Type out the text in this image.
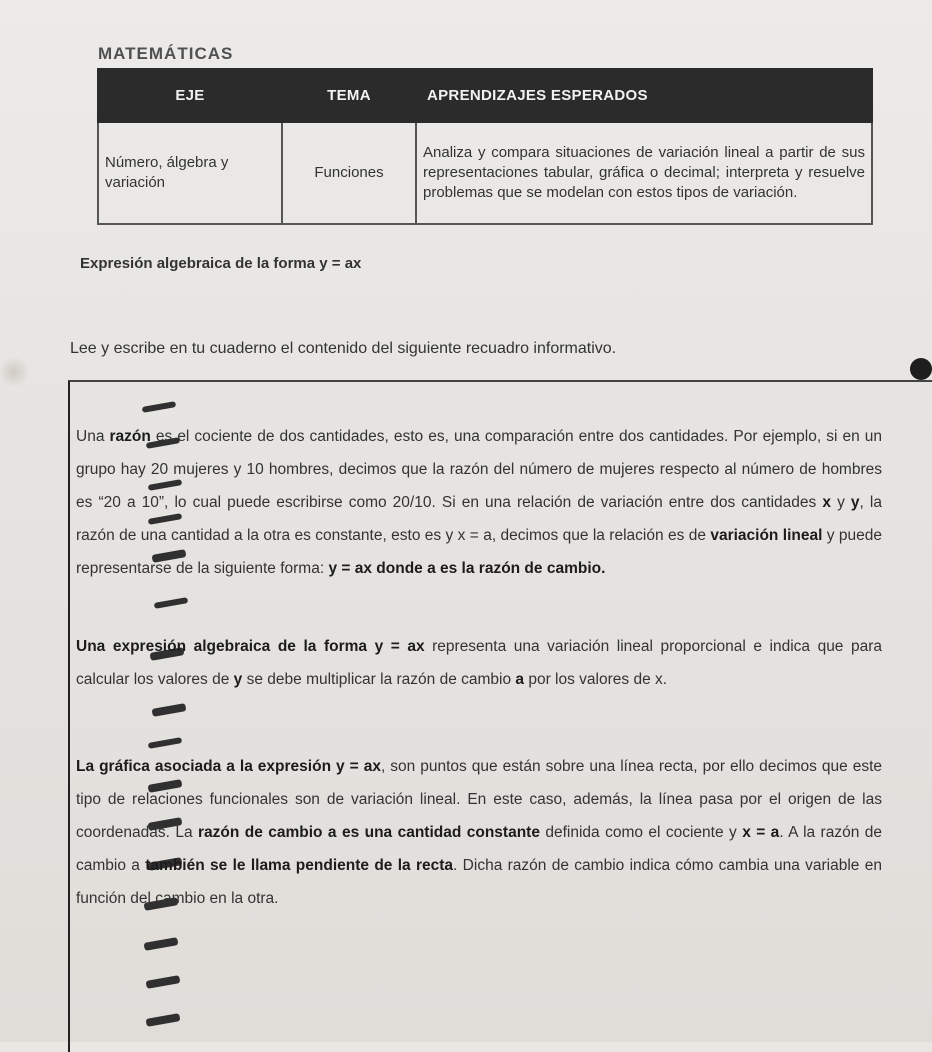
MATEMÁTICAS
EJE	TEMA	APRENDIZAJES ESPERADOS
Número, álgebra y variación	Funciones	Analiza y compara situaciones de variación lineal a partir de sus representaciones tabular, gráfica o decimal; interpreta y resuelve problemas que se modelan con estos tipos de variación.
Expresión algebraica de la forma y = ax
Lee y escribe en tu cuaderno el contenido del siguiente recuadro informativo.
Una razón es el cociente de dos cantidades, esto es, una comparación entre dos cantidades. Por ejemplo, si en un grupo hay 20 mujeres y 10 hombres, decimos que la razón del número de mujeres respecto al número de hombres es “20 a 10”, lo cual puede escribirse como 20/10. Si en una relación de variación entre dos cantidades x y y, la razón de una cantidad a la otra es constante, esto es y x = a, decimos que la relación es de variación lineal y puede representarse de la siguiente forma: y = ax donde a es la razón de cambio.
Una expresión algebraica de la forma y = ax representa una variación lineal proporcional e indica que para calcular los valores de y se debe multiplicar la razón de cambio a por los valores de x.
La gráfica asociada a la expresión y = ax, son puntos que están sobre una línea recta, por ello decimos que este tipo de relaciones funcionales son de variación lineal. En este caso, además, la línea pasa por el origen de las coordenadas. La razón de cambio a es una cantidad constante definida como el cociente y x = a. A la razón de cambio a también se le llama pendiente de la recta. Dicha razón de cambio indica cómo cambia una variable en función del cambio en la otra.
